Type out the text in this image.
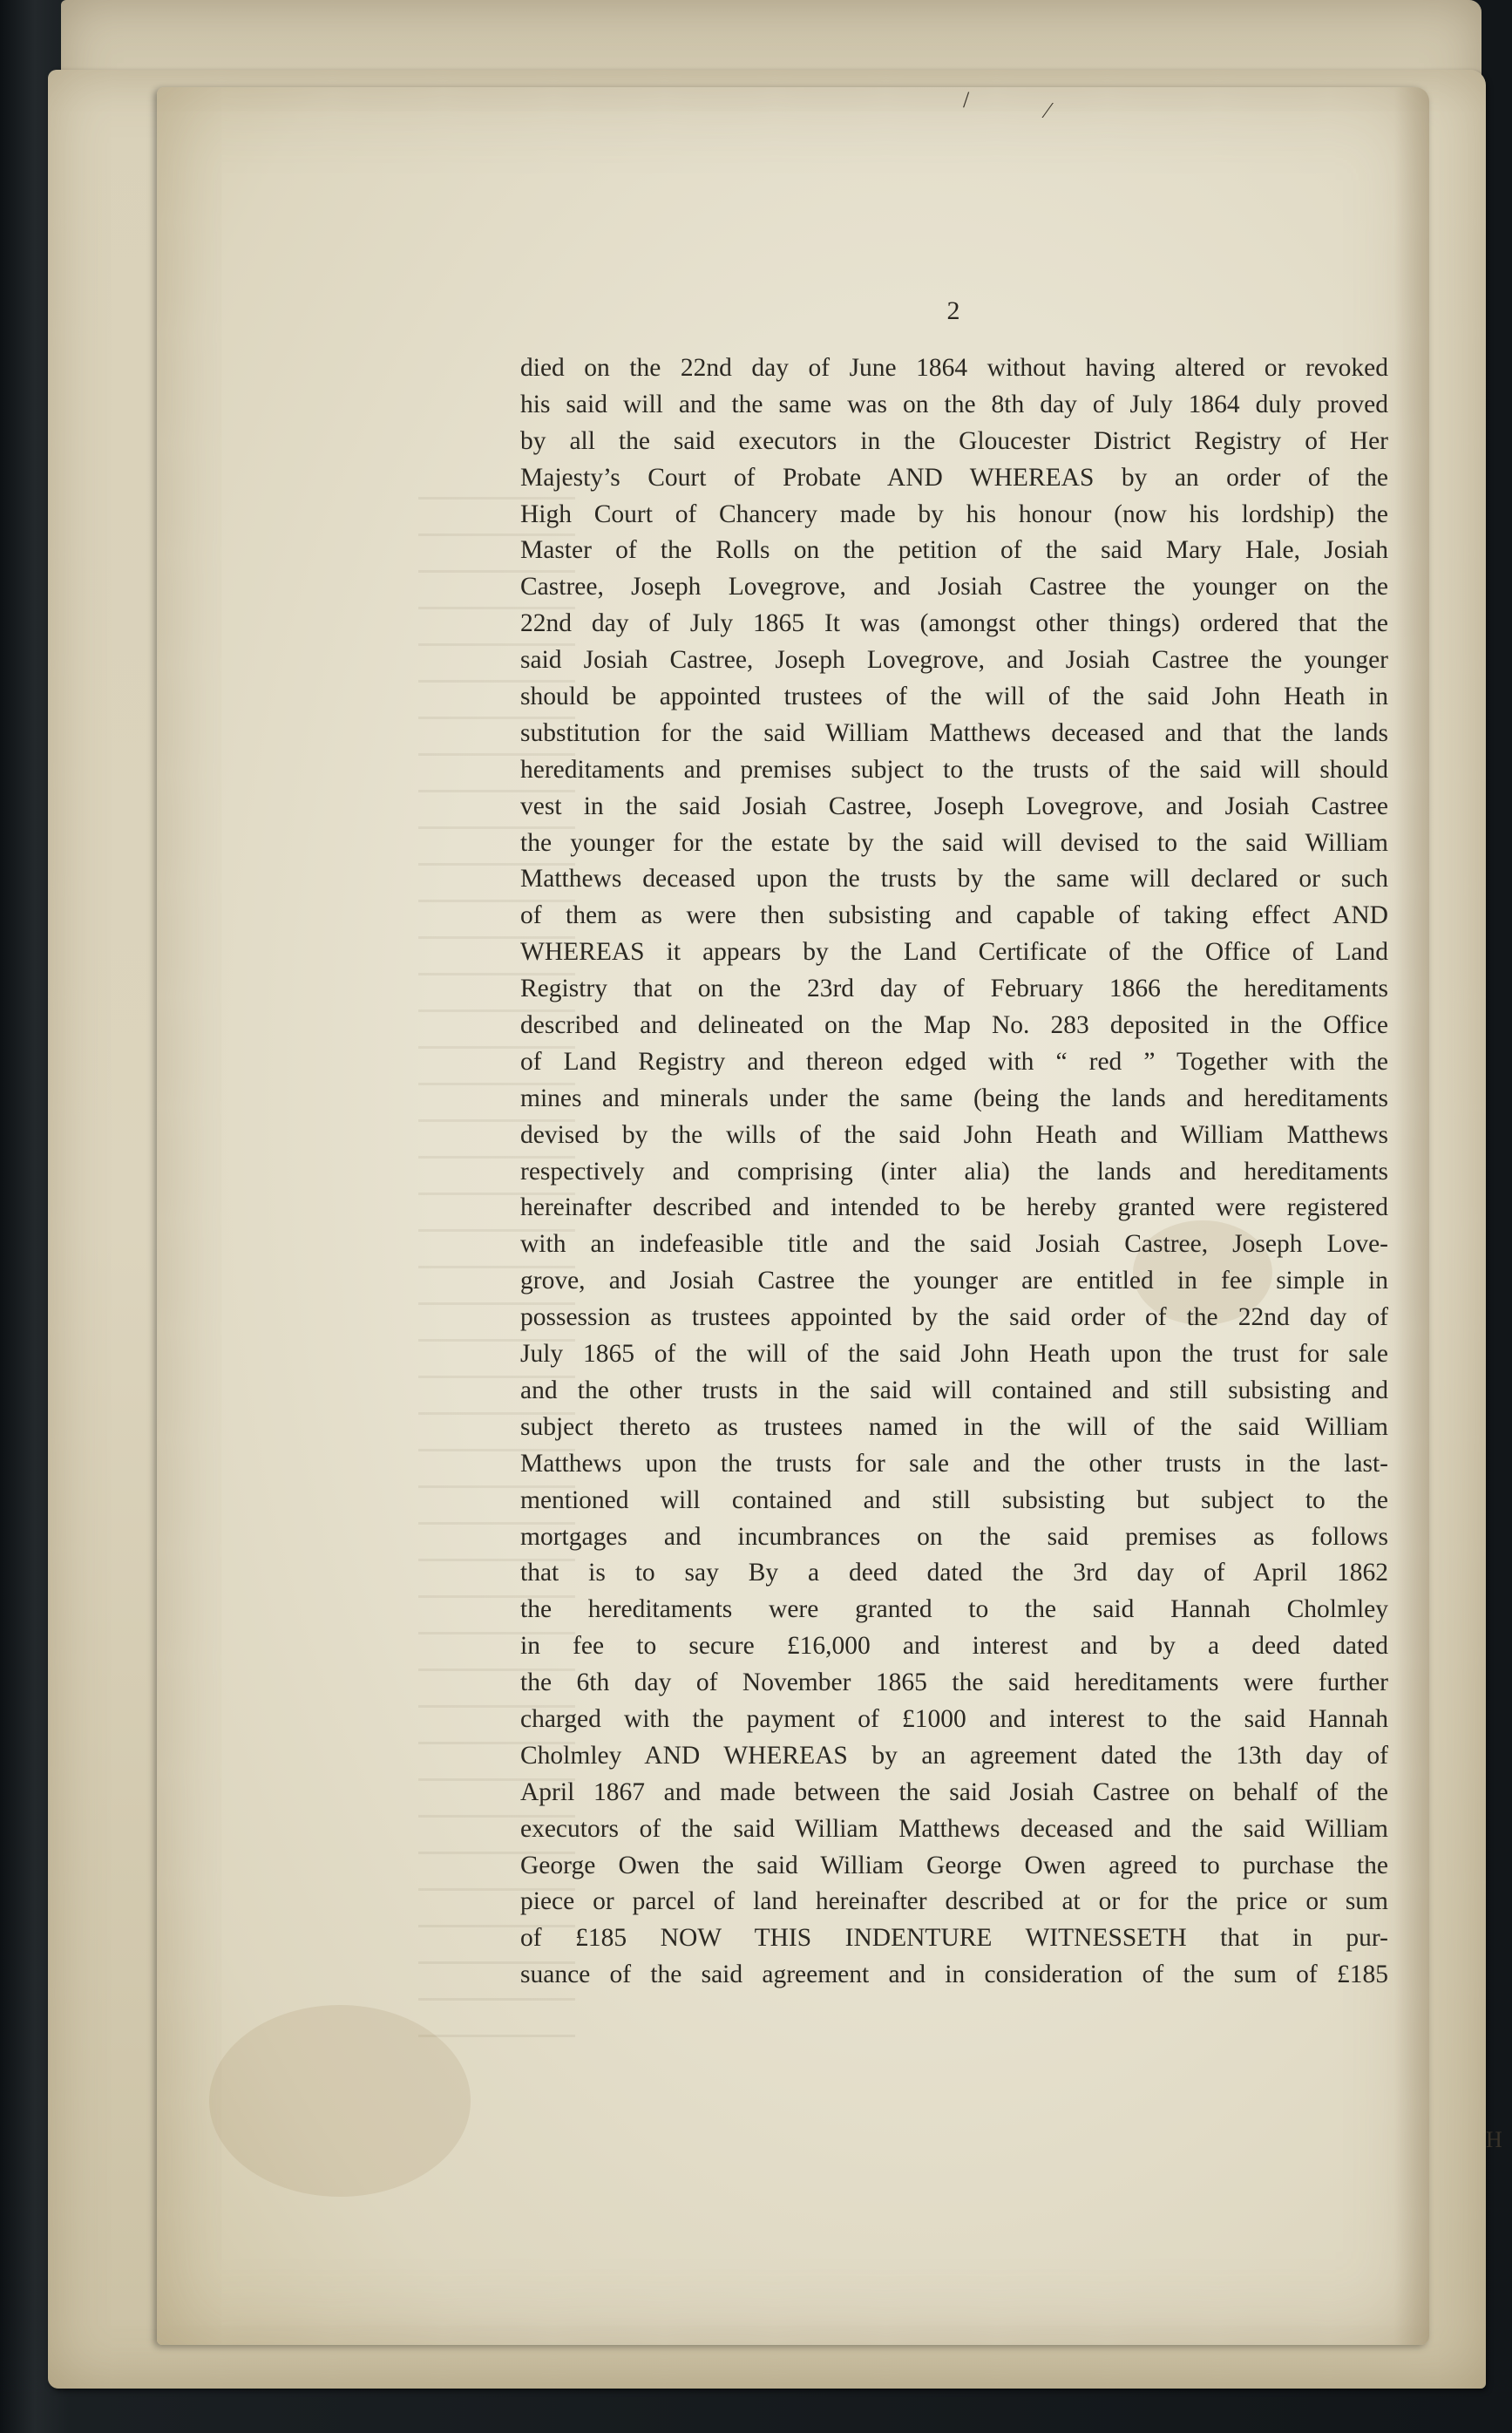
/	∕
H
2
died on the 22nd day of June 1864 without having altered or revoked
his said will and the same was on the 8th day of July 1864 duly proved
by all the said executors in the Gloucester District Registry of Her
Majesty’s Court of Probate AND WHEREAS by an order of the
High Court of Chancery made by his honour (now his lordship) the
Master of the Rolls on the petition of the said Mary Hale, Josiah
Castree, Joseph Lovegrove, and Josiah Castree the younger on the
22nd day of July 1865 It was (amongst other things) ordered that the
said Josiah Castree, Joseph Lovegrove, and Josiah Castree the younger
should be appointed trustees of the will of the said John Heath in
substitution for the said William Matthews deceased and that the lands
hereditaments and premises subject to the trusts of the said will should
vest in the said Josiah Castree, Joseph Lovegrove, and Josiah Castree
the younger for the estate by the said will devised to the said William
Matthews deceased upon the trusts by the same will declared or such
of them as were then subsisting and capable of taking effect AND
WHEREAS it appears by the Land Certificate of the Office of Land
Registry that on the 23rd day of February 1866 the hereditaments
described and delineated on the Map No. 283 deposited in the Office
of Land Registry and thereon edged with “ red ” Together with the
mines and minerals under the same (being the lands and hereditaments
devised by the wills of the said John Heath and William Matthews
respectively and comprising (inter alia) the lands and hereditaments
hereinafter described and intended to be hereby granted were registered
with an indefeasible title and the said Josiah Castree, Joseph Love-
grove, and Josiah Castree the younger are entitled in fee simple in
possession as trustees appointed by the said order of the 22nd day of
July 1865 of the will of the said John Heath upon the trust for sale
and the other trusts in the said will contained and still subsisting and
subject thereto as trustees named in the will of the said William
Matthews upon the trusts for sale and the other trusts in the last-
mentioned will contained and still subsisting but subject to the
mortgages and incumbrances on the said premises as follows
that is to say By a deed dated the 3rd day of April 1862
the hereditaments were granted to the said Hannah Cholmley
in fee to secure £16,000 and interest and by a deed dated
the 6th day of November 1865 the said hereditaments were further
charged with the payment of £1000 and interest to the said Hannah
Cholmley AND WHEREAS by an agreement dated the 13th day of
April 1867 and made between the said Josiah Castree on behalf of the
executors of the said William Matthews deceased and the said William
George Owen the said William George Owen agreed to purchase the
piece or parcel of land hereinafter described at or for the price or sum
of £185 NOW THIS INDENTURE WITNESSETH that in pur-
suance of the said agreement and in consideration of the sum of £185
